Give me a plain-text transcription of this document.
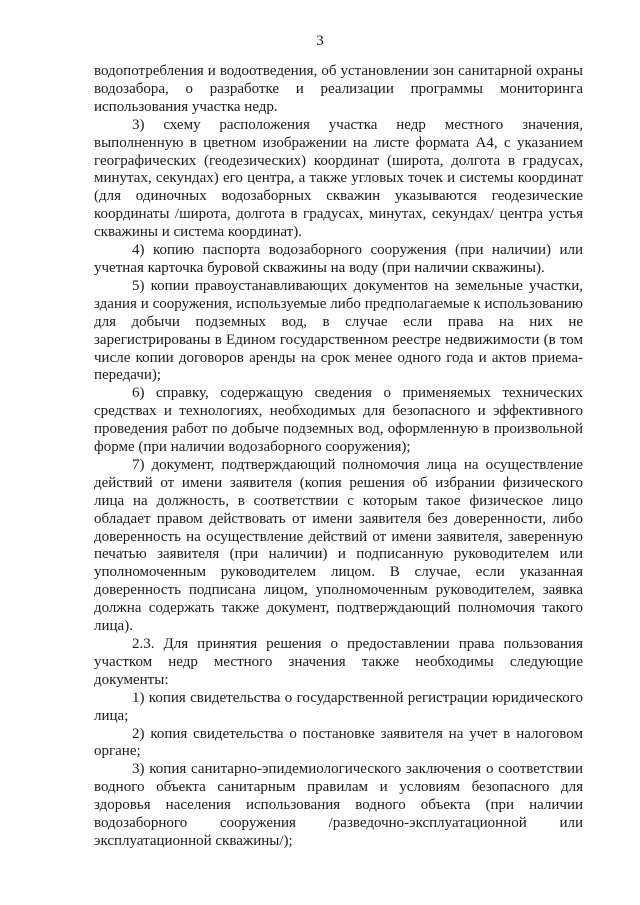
3

водопотребления и водоотведения, об установлении зон санитарной охраны водозабора, о разработке и реализации программы мониторинга использования участка недр.

3) схему расположения участка недр местного значения, выполненную в цветном изображении на листе формата А4, с указанием географических (геодезических) координат (широта, долгота в градусах, минутах, секундах) его центра, а также угловых точек и системы координат (для одиночных водозаборных скважин указываются геодезические координаты /широта, долгота в градусах, минутах, секундах/ центра устья скважины и система координат).

4) копию паспорта водозаборного сооружения (при наличии) или учетная карточка буровой скважины на воду (при наличии скважины).

5) копии правоустанавливающих документов на земельные участки, здания и сооружения, используемые либо предполагаемые к использованию для добычи подземных вод, в случае если права на них не зарегистрированы в Едином государственном реестре недвижимости (в том числе копии договоров аренды на срок менее одного года и актов приема-передачи);

6) справку, содержащую сведения о применяемых технических средствах и технологиях, необходимых для безопасного и эффективного проведения работ по добыче подземных вод, оформленную в произвольной форме (при наличии водозаборного сооружения);

7) документ, подтверждающий полномочия лица на осуществление действий от имени заявителя (копия решения об избрании физического лица на должность, в соответствии с которым такое физическое лицо обладает правом действовать от имени заявителя без доверенности, либо доверенность на осуществление действий от имени заявителя, заверенную печатью заявителя (при наличии) и подписанную руководителем или уполномоченным руководителем лицом. В случае, если указанная доверенность подписана лицом, уполномоченным руководителем, заявка должна содержать также документ, подтверждающий полномочия такого лица).

2.3. Для принятия решения о предоставлении права пользования участком недр местного значения также необходимы следующие документы:

1) копия свидетельства о государственной регистрации юридического лица;

2) копия свидетельства о постановке заявителя на учет в налоговом органе;

3) копия санитарно-эпидемиологического заключения о соответствии водного объекта санитарным правилам и условиям безопасного для здоровья населения использования водного объекта (при наличии водозаборного сооружения /разведочно-эксплуатационной или эксплуатационной скважины/);
